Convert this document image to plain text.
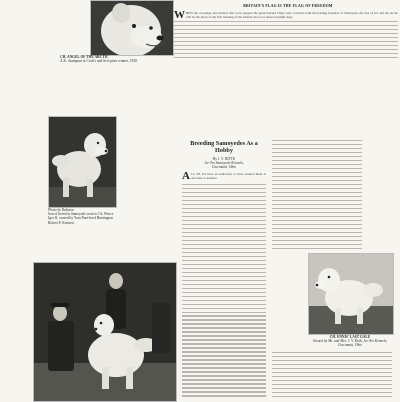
CH. ANGEL OF THE ARCTIC
A.K. champion at Cruft's and first-prize winner, 1928
BRITAIN'S FLAG IS THE FLAG OF FREEDOM
W HEN the crossings and barriers that were stopped the great Kennel Clubs were crowded with the leading breeders of Samoyeds, the Sea of Ice and the Arctic will be the place of the first meeting of the friends who love these beautiful dogs.
Photo by Ruhston
Son of breed in Samoyeds went to Ch. Prince Igor II, owned by Yarn Pure-bred Huntington Robert F. Kennett.
Breeding Samoyedes As a Hobby
By J. V. RITTE
Jer-Tex Samoyede Kennels,
Cincinnati, Ohio
A LL OF US have an indiscrete or have wanted them at one time or another.
CH. ENNIS' LAST GALE
Owned by Mr. and Mrs. J. V. Roth, Jer-Tex Kennels, Cincinnati, Ohio
